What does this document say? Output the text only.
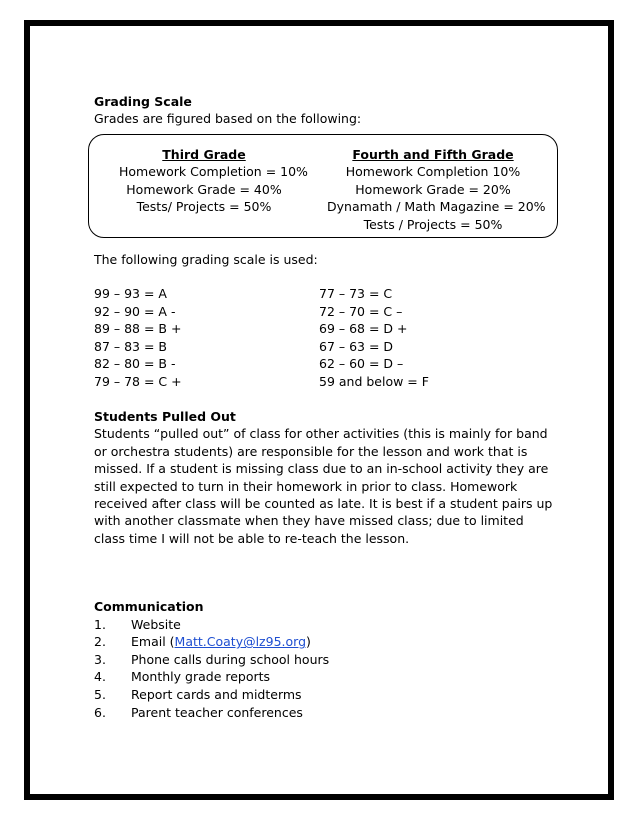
Grading Scale
Grades are figured based on the following:
Third Grade
Homework Completion = 10%
Homework Grade = 40%
Tests/ Projects = 50%
Fourth and Fifth Grade
Homework Completion 10%
Homework Grade = 20%
Dynamath / Math Magazine = 20%
Tests / Projects = 50%
The following grading scale is used:
99 – 93 = A
92 – 90 = A -
89 – 88 = B +
87 – 83 = B
82 – 80 = B -
79 – 78 = C +
77 – 73 = C
72 – 70 = C –
69 – 68 = D +
67 – 63 = D
62 – 60 = D –
59 and below = F
Students Pulled Out
Students “pulled out” of class for other activities (this is mainly for band or orchestra students) are responsible for the lesson and work that is missed. If a student is missing class due to an in-school activity they are still expected to turn in their homework in prior to class. Homework received after class will be counted as late. It is best if a student pairs up with another classmate when they have missed class; due to limited class time I will not be able to re-teach the lesson.
Communication
1.	Website
2.	Email (Matt.Coaty@lz95.org)
3.	Phone calls during school hours
4.	Monthly grade reports
5.	Report cards and midterms
6.	Parent teacher conferences
